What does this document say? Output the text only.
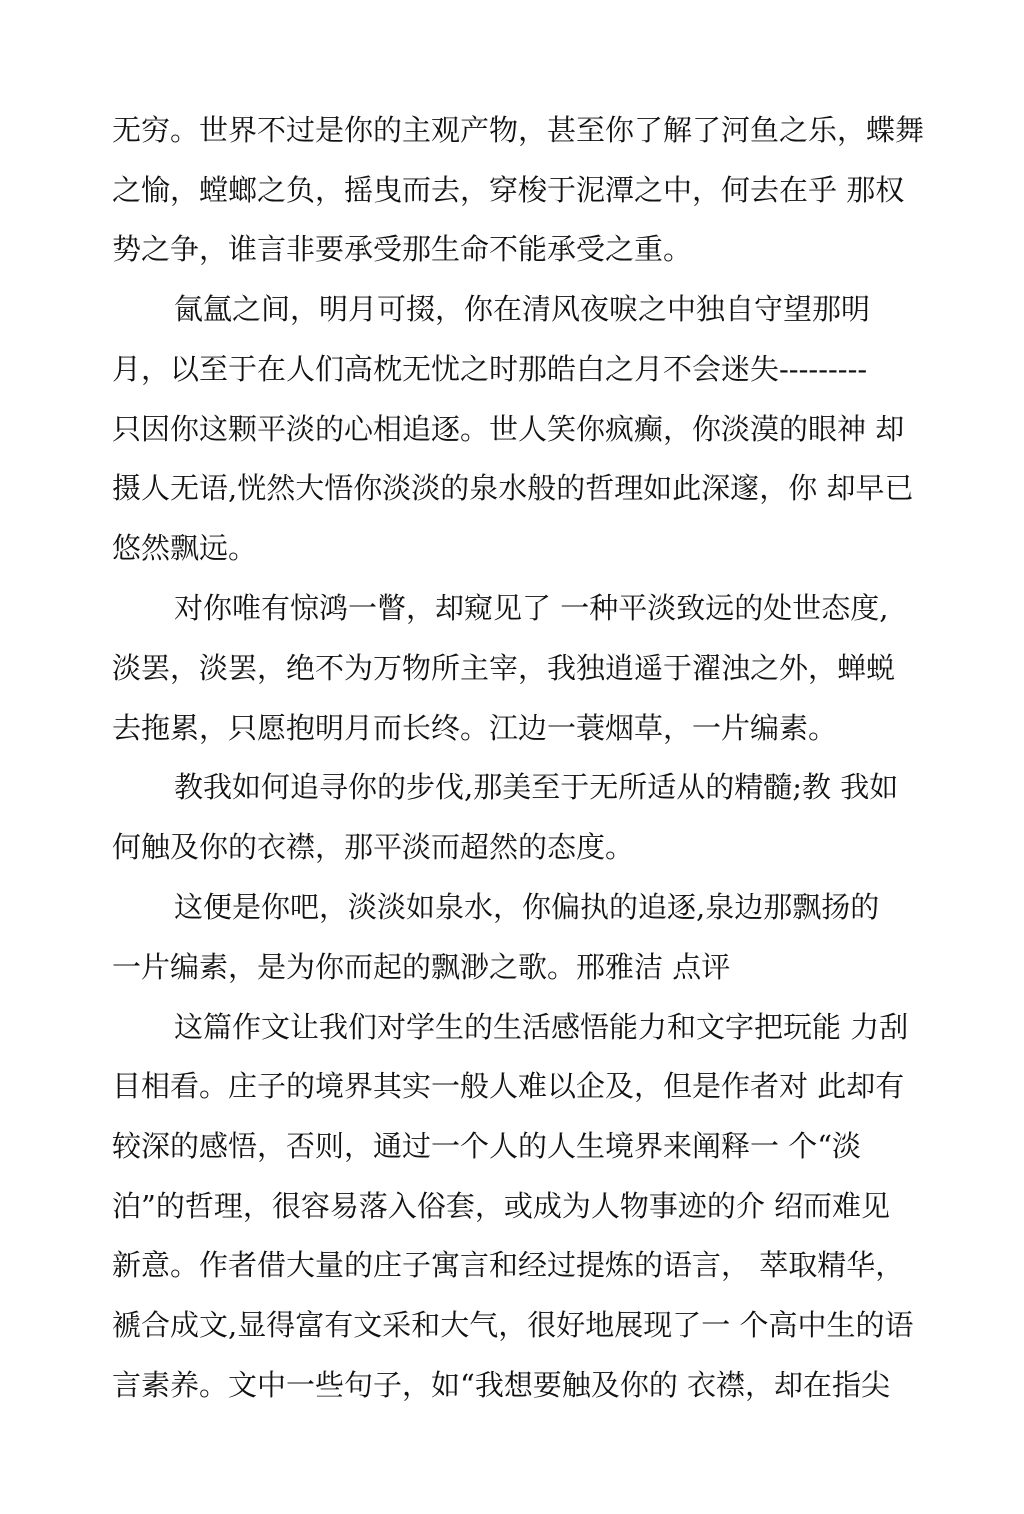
无穷。世界不过是你的主观产物，甚至你了解了河鱼之乐，蝶舞
之愉，螳螂之负，摇曳而去，穿梭于泥潭之中，何去在乎 那权
势之争，谁言非要承受那生命不能承受之重。
氤氲之间，明月可掇，你在清风夜唳之中独自守望那明
月，以至于在人们高枕无忧之时那皓白之月不会迷失---------
只因你这颗平淡的心相追逐。世人笑你疯癫，你淡漠的眼神 却
摄人无语,恍然大悟你淡淡的泉水般的哲理如此深邃，你 却早已
悠然飘远。
对你唯有惊鸿一瞥，却窥见了 一种平淡致远的处世态度,
淡罢，淡罢，绝不为万物所主宰，我独逍遥于濯浊之外，蝉蜕
去拖累，只愿抱明月而长终。江边一蓑烟草，一片编素。
教我如何追寻你的步伐,那美至于无所适从的精髓;教 我如
何触及你的衣襟，那平淡而超然的态度。
这便是你吧，淡淡如泉水，你偏执的追逐,泉边那飘扬的
一片编素，是为你而起的飘渺之歌。邢雅洁 点评
这篇作文让我们对学生的生活感悟能力和文字把玩能 力刮
目相看。庄子的境界其实一般人难以企及，但是作者对 此却有
较深的感悟，否则，通过一个人的人生境界来阐释一 个“淡
泊”的哲理，很容易落入俗套，或成为人物事迹的介 绍而难见
新意。作者借大量的庄子寓言和经过提炼的语言， 萃取精华，
褫合成文,显得富有文采和大气，很好地展现了一 个高中生的语
言素养。文中一些句子，如“我想要触及你的 衣襟，却在指尖
